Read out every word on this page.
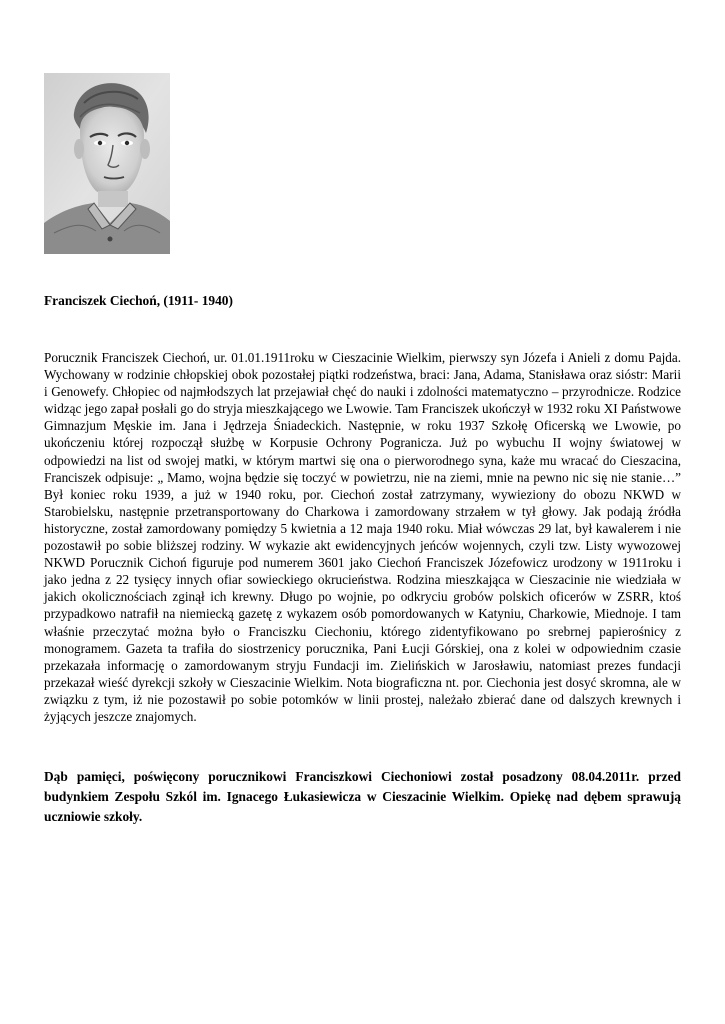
Franciszek Ciechoń, (1911- 1940)

Porucznik Franciszek Ciechoń, ur. 01.01.1911roku w Cieszacinie Wielkim, pierwszy syn Józefa i Anieli z domu Pajda. Wychowany w rodzinie chłopskiej obok pozostałej piątki rodzeństwa, braci: Jana, Adama, Stanisława oraz sióstr: Marii i Genowefy. Chłopiec od najmłodszych lat przejawiał chęć do nauki i zdolności matematyczno – przyrodnicze. Rodzice widząc jego zapał posłali go do stryja mieszkającego we Lwowie. Tam Franciszek ukończył w 1932 roku XI Państwowe Gimnazjum Męskie im. Jana i Jędrzeja Śniadeckich. Następnie, w roku 1937 Szkołę Oficerską we Lwowie, po ukończeniu której rozpoczął służbę w Korpusie Ochrony Pogranicza. Już po wybuchu II wojny światowej w odpowiedzi na list od swojej matki, w którym martwi się ona o pierworodnego syna, każe mu wracać do Cieszacina, Franciszek odpisuje: „ Mamo, wojna będzie się toczyć w powietrzu, nie na ziemi, mnie na pewno nic się nie stanie…” Był koniec roku 1939, a już w 1940 roku, por. Ciechoń został zatrzymany, wywieziony do obozu NKWD w Starobielsku, następnie przetransportowany do Charkowa i zamordowany strzałem w tył głowy. Jak podają źródła historyczne, został zamordowany pomiędzy 5 kwietnia a 12 maja 1940 roku. Miał wówczas 29 lat, był kawalerem i nie pozostawił po sobie bliższej rodziny. W wykazie akt ewidencyjnych jeńców wojennych, czyli tzw. Listy wywozowej NKWD Porucznik Cichoń figuruje pod numerem 3601 jako Ciechoń Franciszek Józefowicz urodzony w 1911roku i jako jedna z 22 tysięcy innych ofiar sowieckiego okrucieństwa. Rodzina mieszkająca w Cieszacinie nie wiedziała w jakich okolicznościach zginął ich krewny. Długo po wojnie, po odkryciu grobów polskich oficerów w ZSRR, ktoś przypadkowo natrafił na niemiecką gazetę z wykazem osób pomordowanych w Katyniu, Charkowie, Miednoje. I tam właśnie przeczytać można było o Franciszku Ciechoniu, którego zidentyfikowano po srebrnej papierośnicy z monogramem. Gazeta ta trafiła do siostrzenicy porucznika, Pani Łucji Górskiej, ona z kolei w odpowiednim czasie przekazała informację o zamordowanym stryju Fundacji im. Zielińskich w Jarosławiu, natomiast prezes fundacji przekazał wieść dyrekcji szkoły w Cieszacinie Wielkim. Nota biograficzna nt. por. Ciechonia jest dosyć skromna, ale w związku z tym, iż nie pozostawił po sobie potomków w linii prostej, należało zbierać dane od dalszych krewnych i żyjących jeszcze znajomych.

Dąb pamięci, poświęcony porucznikowi Franciszkowi Ciechoniowi został posadzony 08.04.2011r. przed budynkiem Zespołu Szkól im. Ignacego Łukasiewicza w Cieszacinie Wielkim. Opiekę nad dębem sprawują uczniowie szkoły.
